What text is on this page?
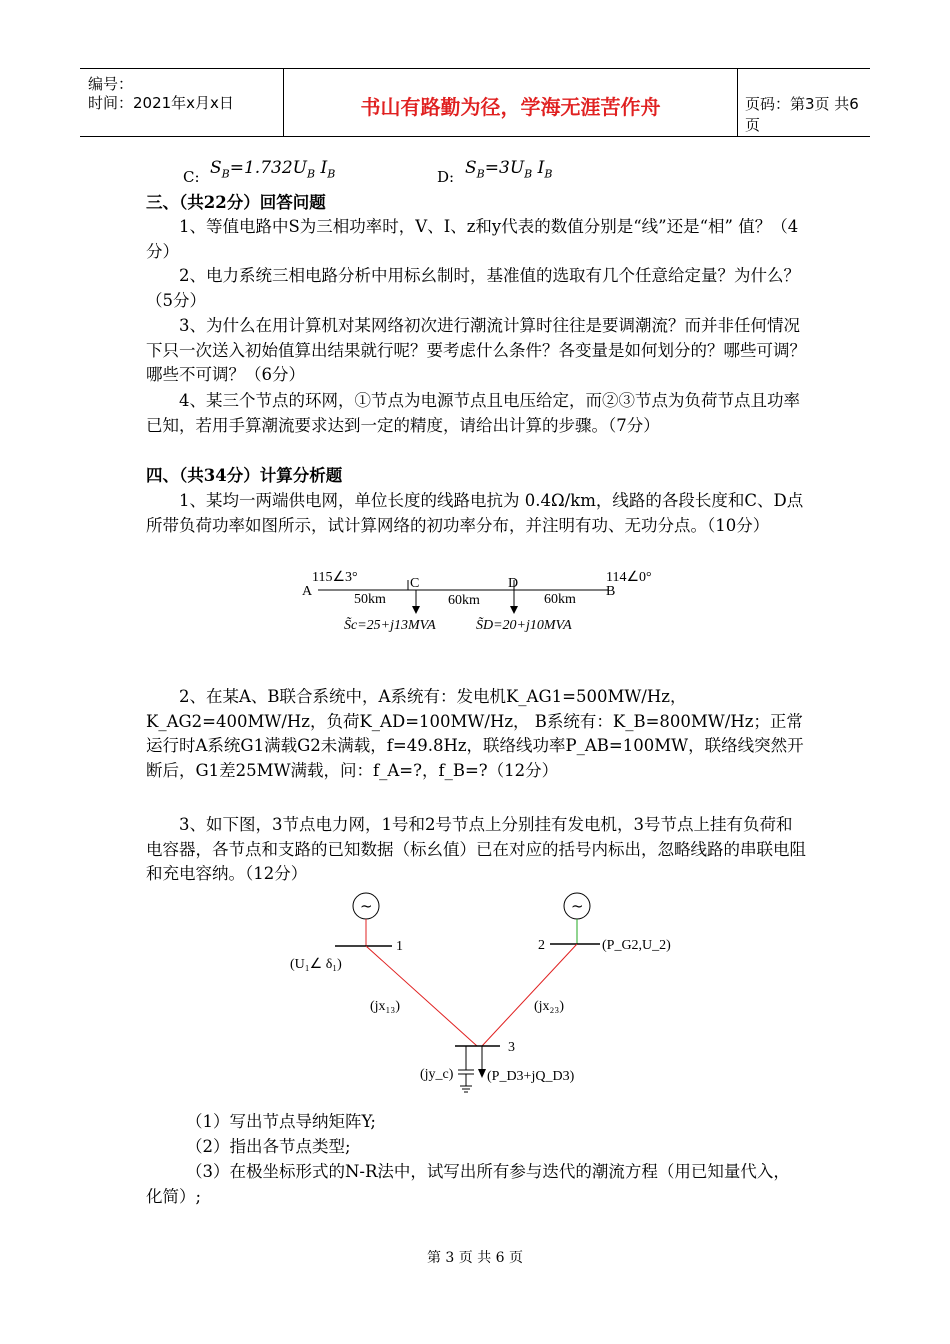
编号：
时间：2021年x月x日	书山有路勤为径，学海无涯苦作舟	页码：第3页 共6页
C: $S_B=1.732U_B$ $I_B$	D: $S_B=3U_B$ $I_B$
三、（共22分）回答问题
1、等值电路中S为三相功率时，V、I、z和y代表的数值分别是“线”还是“相” 值？（4分）
2、电力系统三相电路分析中用标幺制时，基准值的选取有几个任意给定量？为什么？（5分）
3、为什么在用计算机对某网络初次进行潮流计算时往往是要调潮流？而并非任何情况下只一次送入初始值算出结果就行呢？要考虑什么条件？各变量是如何划分的？哪些可调？哪些不可调？（6分）
4、某三个节点的环网，①节点为电源节点且电压给定，而②③节点为负荷节点且功率已知，若用手算潮流要求达到一定的精度，请给出计算的步骤。（7分）
四、（共34分）计算分析题
1、某均一两端供电网，单位长度的线路电抗为 0.4Ω/km，线路的各段长度和C、D点所带负荷功率如图所示，试计算网络的初功率分布，并注明有功、无功分点。（10分）
A	B
C	D
115∠3°	114∠0°
50km	60km	60km
S̃c=25+j13MVA	S̃D=20+j10MVA
2、在某A、B联合系统中，A系统有：发电机K_AG1=500MW/Hz，K_AG2=400MW/Hz，负荷K_AD=100MW/Hz， B系统有：K_B=800MW/Hz；正常运行时A系统G1满载G2未满载，f=49.8Hz，联络线功率P_AB=100MW，联络线突然开断后，G1差25MW满载，问：f_A=?，f_B=?（12分）
3、如下图，3节点电力网，1号和2号节点上分别挂有发电机，3号节点上挂有负荷和电容器，各节点和支路的已知数据（标幺值）已在对应的括号内标出，忽略线路的串联电阻和充电容纳。（12分）
~
1
(U₁∠ δ₁)
~
2	(P_G2,U_2)
3
(jx₁₃)	(jx₂₃)
(jy_c) (P_D3+jQ_D3)
（1）写出节点导纳矩阵Y;
（2）指出各节点类型;
（3）在极坐标形式的N-R法中，试写出所有参与迭代的潮流方程（用已知量代入，化简）;
第 3 页 共 6 页
